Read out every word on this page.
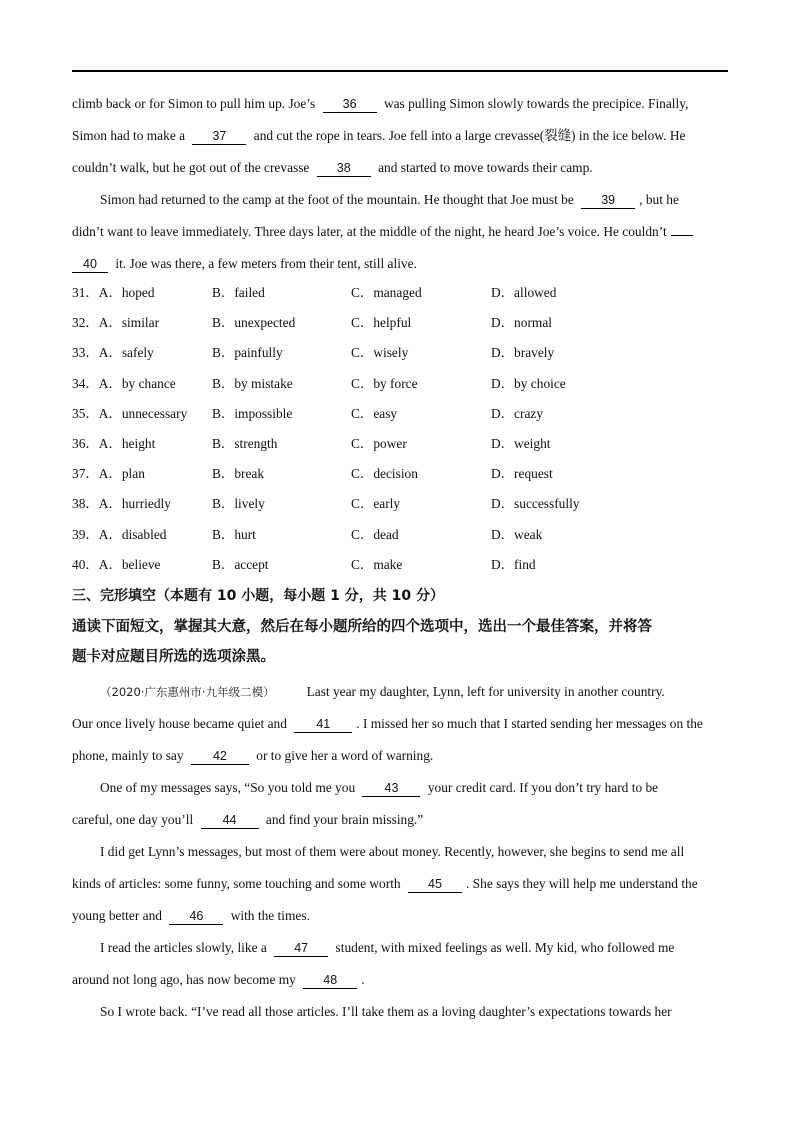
climb back or for Simon to pull him up. Joe’s 36 was pulling Simon slowly towards the precipice. Finally,
Simon had to make a 37 and cut the rope in tears. Joe fell into a large crevasse(裂缝) in the ice below. He
couldn’t walk, but he got out of the crevasse 38 and started to move towards their camp.
Simon had returned to the camp at the foot of the mountain. He thought that Joe must be 39 , but he
didn’t want to leave immediately. Three days later, at the middle of the night, he heard Joe’s voice. He couldn’t
40 it. Joe was there, a few meters from their tent, still alive.
31．A．hoped	B．failed	C．managed	D．allowed
32．A．similar	B．unexpected	C．helpful	D．normal
33．A．safely	B．painfully	C．wisely	D．bravely
34．A．by chance	B．by mistake	C．by force	D．by choice
35．A．unnecessary B．impossible	C．easy	D．crazy
36．A．height	B．strength	C．power	D．weight
37．A．plan	B．break	C．decision	D．request
38．A．hurriedly	B．lively	C．early	D．successfully
39．A．disabled	B．hurt	C．dead	D．weak
40．A．believe	B．accept	C．make	D．find
三、完形填空（本题有 10 小题，每小题 1 分，共 10 分）
通读下面短文，掌握其大意，然后在每小题所给的四个选项中，选出一个最佳答案，并将答
题卡对应题目所选的选项涂黑。
（2020·广东惠州市·九年级二模） Last year my daughter, Lynn, left for university in another country.
Our once lively house became quiet and 41 . I missed her so much that I started sending her messages on the
phone, mainly to say 42 or to give her a word of warning.
One of my messages says, “So you told me you 43 your credit card. If you don’t try hard to be
careful, one day you’ll 44 and find your brain missing.”
I did get Lynn’s messages, but most of them were about money. Recently, however, she begins to send me all
kinds of articles: some funny, some touching and some worth 45 . She says they will help me understand the
young better and 46 with the times.
I read the articles slowly, like a 47 student, with mixed feelings as well. My kid, who followed me
around not long ago, has now become my 48 .
So I wrote back. “I’ve read all those articles. I’ll take them as a loving daughter’s expectations towards her
